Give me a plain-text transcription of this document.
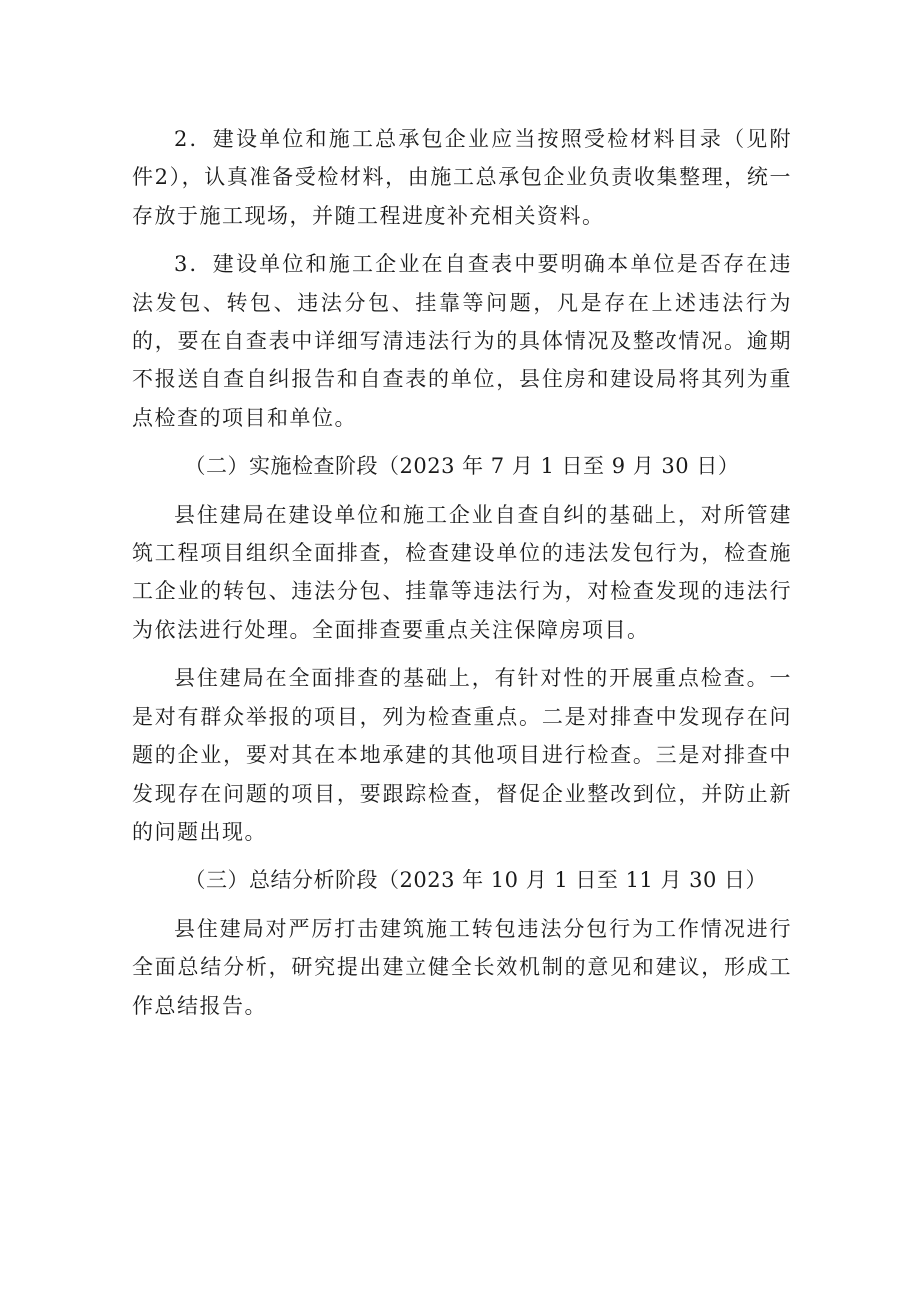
2．建设单位和施工总承包企业应当按照受检材料目录（见附件2），认真准备受检材料，由施工总承包企业负责收集整理，统一存放于施工现场，并随工程进度补充相关资料。

3．建设单位和施工企业在自查表中要明确本单位是否存在违法发包、转包、违法分包、挂靠等问题，凡是存在上述违法行为的，要在自查表中详细写清违法行为的具体情况及整改情况。逾期不报送自查自纠报告和自查表的单位，县住房和建设局将其列为重点检查的项目和单位。

（二）实施检查阶段（2023 年 7 月 1 日至 9 月 30 日）

县住建局在建设单位和施工企业自查自纠的基础上，对所管建筑工程项目组织全面排查，检查建设单位的违法发包行为，检查施工企业的转包、违法分包、挂靠等违法行为，对检查发现的违法行为依法进行处理。全面排查要重点关注保障房项目。

县住建局在全面排查的基础上，有针对性的开展重点检查。一是对有群众举报的项目，列为检查重点。二是对排查中发现存在问题的企业，要对其在本地承建的其他项目进行检查。三是对排查中发现存在问题的项目，要跟踪检查，督促企业整改到位，并防止新的问题出现。

（三）总结分析阶段（2023 年 10 月 1 日至 11 月 30 日）

县住建局对严厉打击建筑施工转包违法分包行为工作情况进行全面总结分析，研究提出建立健全长效机制的意见和建议，形成工作总结报告。
